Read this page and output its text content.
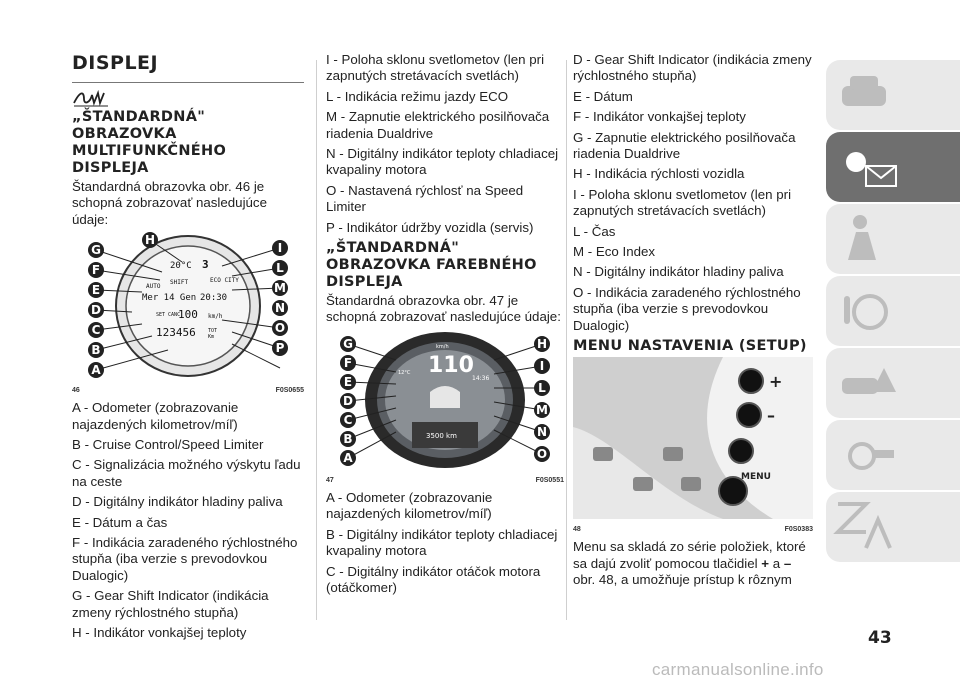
DISPLEJ
„ŠTANDARDNÁ" OBRAZOVKA MULTIFUNKČNÉHO DISPLEJA
Štandardná obrazovka obr. 46 je schopná zobrazovať nasledujúce údaje:
20°C 3
SHIFT	ECO CITY
AUTO
Mer 14 Gen 20:30
SET CANC
100 km/h
123456 TOT
Km
G
F
E
D
C
B
A
I
L
M
N
O
P
H
46	F0S0655
A - Odometer (zobrazovanie najazdených kilometrov/míľ)
B - Cruise Control/Speed Limiter
C - Signalizácia možného výskytu ľadu na ceste
D - Digitálny indikátor hladiny paliva
E - Dátum a čas
F - Indikácia zaradeného rýchlostného stupňa (iba verzie s prevodovkou Dualogic)
G - Gear Shift Indicator (indikácia zmeny rýchlostného stupňa)
H - Indikátor vonkajšej teploty
I - Poloha sklonu svetlometov (len pri zapnutých stretávacích svetlách)
L - Indikácia režimu jazdy ECO
M - Zapnutie elektrického posilňovača riadenia Dualdrive
N - Digitálny indikátor teploty chladiacej kvapaliny motora
O - Nastavená rýchlosť na Speed Limiter
P - Indikátor údržby vozidla (servis)
„ŠTANDARDNÁ" OBRAZOVKA FAREBNÉHO DISPLEJA
Štandardná obrazovka obr. 47 je schopná zobrazovať nasledujúce údaje:
110
km/h
3500 km
14:36
12°C
G
F
E
D
C
B
A
H
I
L
M
N
O
47	F0S0551
A - Odometer (zobrazovanie najazdených kilometrov/míľ)
B - Digitálny indikátor teploty chladiacej kvapaliny motora
C - Digitálny indikátor otáčok motora (otáčkomer)
D - Gear Shift Indicator (indikácia zmeny rýchlostného stupňa)
E - Dátum
F - Indikátor vonkajšej teploty
G - Zapnutie elektrického posilňovača riadenia Dualdrive
H - Indikácia rýchlosti vozidla
I - Poloha sklonu svetlometov (len pri zapnutých stretávacích svetlách)
L - Čas
M - Eco Index
N - Digitálny indikátor hladiny paliva
O - Indikácia zaradeného rýchlostného stupňa (iba verzie s prevodovkou Dualogic)
MENU NASTAVENIA (SETUP)
+
–
MENU
48	F0S0383
Menu sa skladá zo série položiek, ktoré sa dajú zvoliť pomocou tlačidiel + a – obr. 48, a umožňuje prístup k rôznym
43
carmanualsonline.info
